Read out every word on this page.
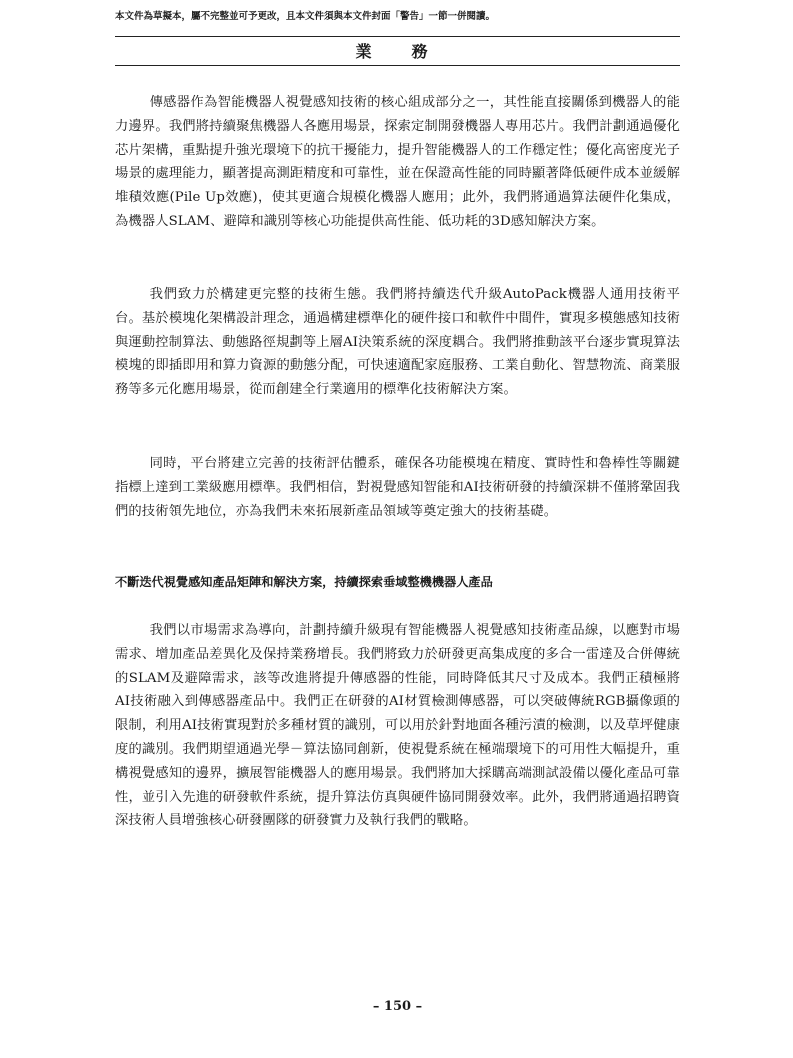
本文件為草擬本，屬不完整並可予更改，且本文件須與本文件封面「警告」一節一併閱讀。
業　務

傳感器作為智能機器人視覺感知技術的核心組成部分之一，其性能直接關係到機器人的能力邊界。我們將持續聚焦機器人各應用場景，探索定制開發機器人專用芯片。我們計劃通過優化芯片架構，重點提升強光環境下的抗干擾能力，提升智能機器人的工作穩定性；優化高密度光子場景的處理能力，顯著提高測距精度和可靠性，並在保證高性能的同時顯著降低硬件成本並緩解堆積效應(Pile Up效應)，使其更適合規模化機器人應用；此外，我們將通過算法硬件化集成，為機器人SLAM、避障和識別等核心功能提供高性能、低功耗的3D感知解決方案。

我們致力於構建更完整的技術生態。我們將持續迭代升級AutoPack機器人通用技術平台。基於模塊化架構設計理念，通過構建標準化的硬件接口和軟件中間件，實現多模態感知技術與運動控制算法、動態路徑規劃等上層AI決策系統的深度耦合。我們將推動該平台逐步實現算法模塊的即插即用和算力資源的動態分配，可快速適配家庭服務、工業自動化、智慧物流、商業服務等多元化應用場景，從而創建全行業適用的標準化技術解決方案。

同時，平台將建立完善的技術評估體系，確保各功能模塊在精度、實時性和魯棒性等關鍵指標上達到工業級應用標準。我們相信，對視覺感知智能和AI技術研發的持續深耕不僅將鞏固我們的技術領先地位，亦為我們未來拓展新產品領域等奠定強大的技術基礎。

不斷迭代視覺感知產品矩陣和解決方案，持續探索垂域整機機器人產品

我們以市場需求為導向，計劃持續升級現有智能機器人視覺感知技術產品線，以應對市場需求、增加產品差異化及保持業務增長。我們將致力於研發更高集成度的多合一雷達及合併傳統的SLAM及避障需求，該等改進將提升傳感器的性能，同時降低其尺寸及成本。我們正積極將AI技術融入到傳感器產品中。我們正在研發的AI材質檢測傳感器，可以突破傳統RGB攝像頭的限制，利用AI技術實現對於多種材質的識別，可以用於針對地面各種污漬的檢測，以及草坪健康度的識別。我們期望通過光學－算法協同創新，使視覺系統在極端環境下的可用性大幅提升，重構視覺感知的邊界，擴展智能機器人的應用場景。我們將加大採購高端測試設備以優化產品可靠性，並引入先進的研發軟件系統，提升算法仿真與硬件協同開發效率。此外，我們將通過招聘資深技術人員增強核心研發團隊的研發實力及執行我們的戰略。

– 150 –
